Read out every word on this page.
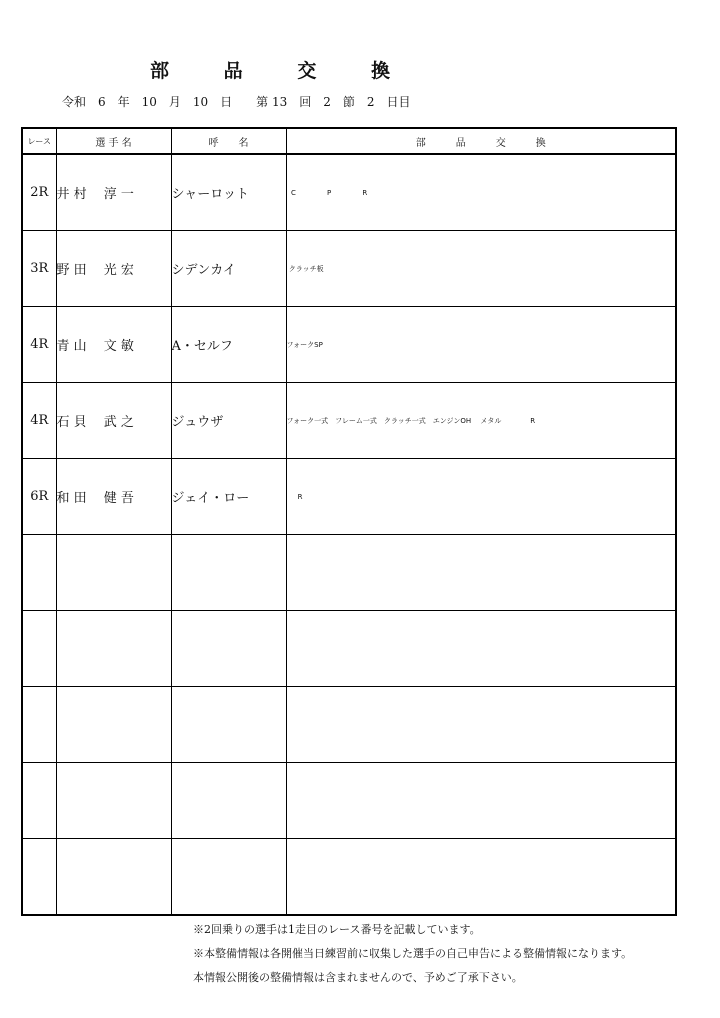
部	品	交	換
令和　6　年　10　月　10　日　　第 13　回　2　節　2　日目
レース	選 手 名	呼　　名	部　　　品　　　交　　　換
2R	井 村　 淳 一	シャーロット	C              P              R
3R	野 田　 光 宏	シデンカイ	クラッチ板
4R	青 山　 文 敏	A・セルフ	フォークSP
4R	石 貝　 武 之	ジュウザ	フォーク一式　フレーム一式　クラッチ一式　エンジンOH　 メタル             R
6R	和 田　 健 吾	ジェイ・ロー	R

※2回乗りの選手は1走目のレース番号を記載しています。
※本整備情報は各開催当日練習前に収集した選手の自己申告による整備情報になります。
本情報公開後の整備情報は含まれませんので、予めご了承下さい。
